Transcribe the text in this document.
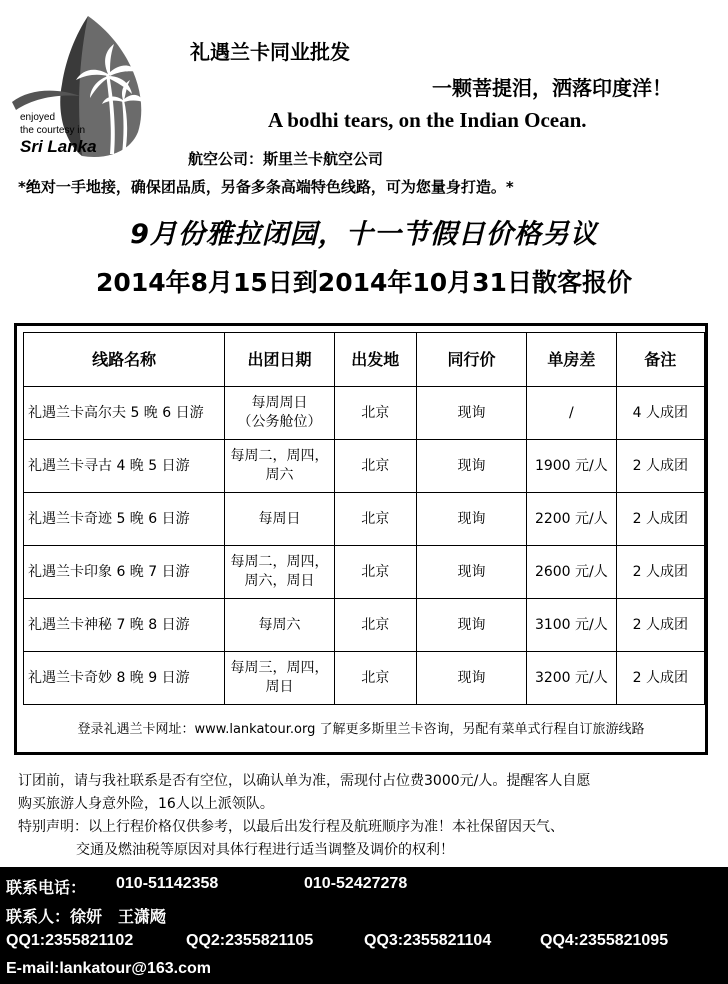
enjoyed
the courtesy in
Sri Lanka
礼遇兰卡同业批发
一颗菩提泪，洒落印度洋！
A bodhi tears, on the Indian Ocean.
航空公司：斯里兰卡航空公司
*绝对一手地接，确保团品质，另备多条高端特色线路，可为您量身打造。*
9月份雅拉闭园，十一节假日价格另议
2014年8月15日到2014年10月31日散客报价
线路名称	出团日期	出发地	同行价	单房差	备注
礼遇兰卡高尔夫 5 晚 6 日游	每周周日
（公务舱位）	北京	现询	/	4 人成团
礼遇兰卡寻古 4 晚 5 日游	每周二，周四，
周六	北京	现询	1900 元/人	2 人成团
礼遇兰卡奇迹 5 晚 6 日游	每周日	北京	现询	2200 元/人	2 人成团
礼遇兰卡印象 6 晚 7 日游	每周二，周四，
周六，周日	北京	现询	2600 元/人	2 人成团
礼遇兰卡神秘 7 晚 8 日游	每周六	北京	现询	3100 元/人	2 人成团
礼遇兰卡奇妙 8 晚 9 日游	每周三，周四，
周日	北京	现询	3200 元/人	2 人成团
登录礼遇兰卡网址：www.lankatour.org 了解更多斯里兰卡咨询，另配有菜单式行程自订旅游线路
订团前，请与我社联系是否有空位，以确认单为准，需现付占位费3000元/人。提醒客人自愿
购买旅游人身意外险，16人以上派领队。
特别声明：以上行程价格仅供参考，以最后出发行程及航班顺序为准！本社保留因天气、
交通及燃油税等原因对具体行程进行适当调整及调价的权利！
联系电话： 010-51142358	010-52427278
联系人：徐妍　王潇飏
QQ1:2355821102	QQ2:2355821105	QQ3:2355821104	QQ4:2355821095
E-mail:lankatour@163.com
